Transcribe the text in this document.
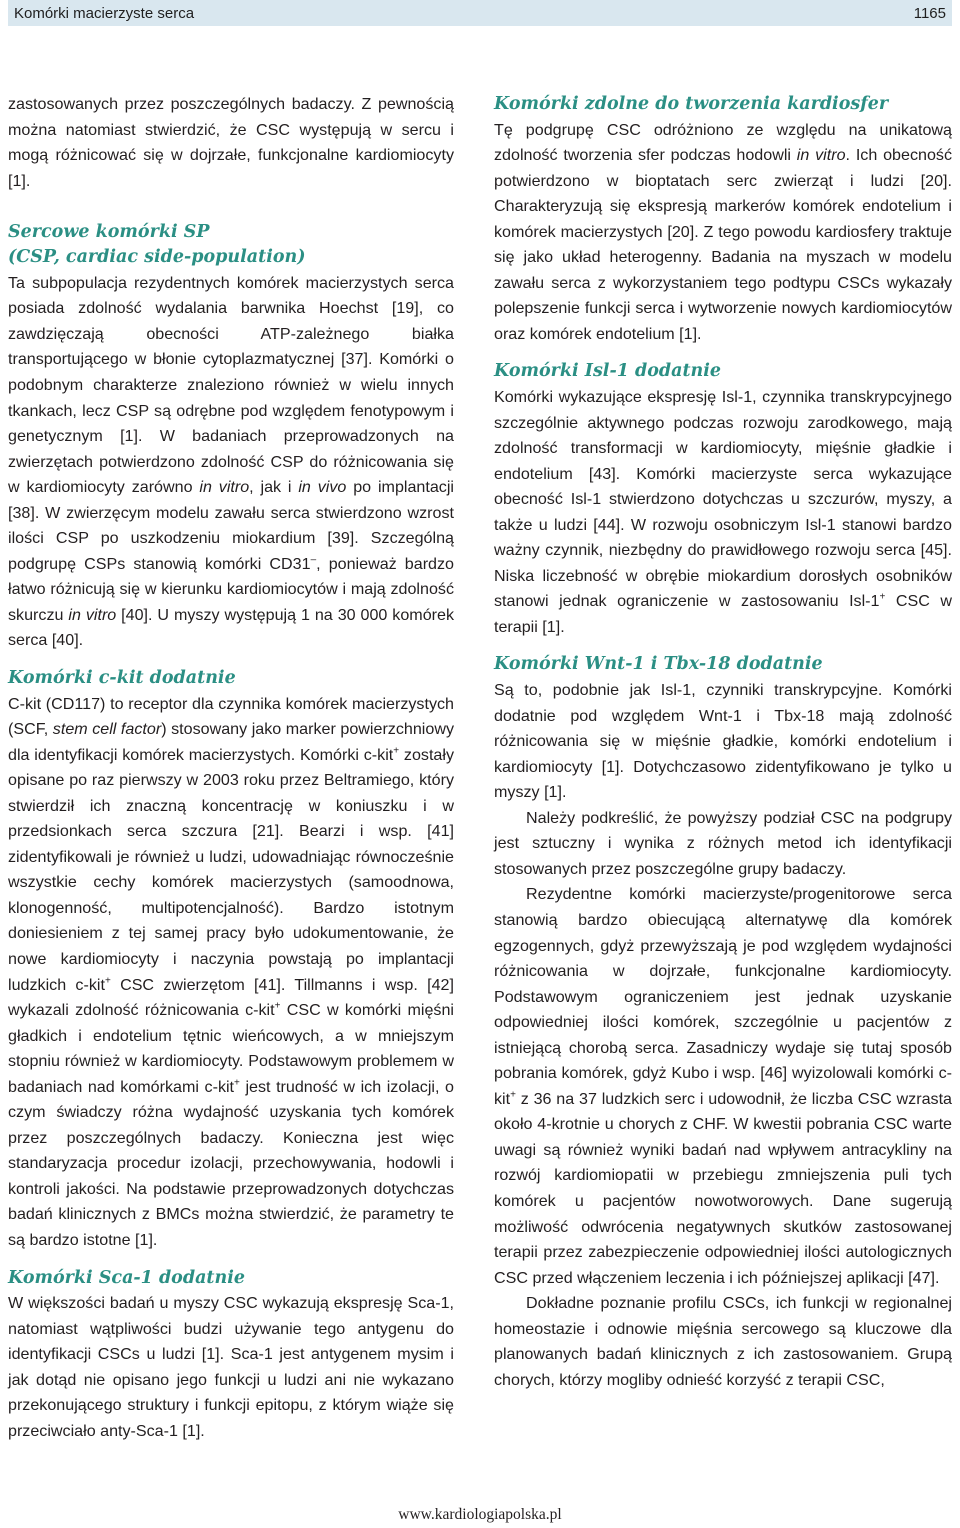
Komórki macierzyste serca	1165

zastosowanych przez poszczególnych badaczy. Z pewnością można natomiast stwierdzić, że CSC występują w sercu i mogą różnicować się w dojrzałe, funkcjonalne kardiomiocyty [1].

Sercowe komórki SP
(CSP, cardiac side-population)

Ta subpopulacja rezydentnych komórek macierzystych serca posiada zdolność wydalania barwnika Hoechst [19], co zawdzięczają obecności ATP-zależnego białka transportującego w błonie cytoplazmatycznej [37]. Komórki o podobnym charakterze znaleziono również w wielu innych tkankach, lecz CSP są odrębne pod względem fenotypowym i genetycznym [1]. W badaniach przeprowadzonych na zwierzętach potwierdzono zdolność CSP do różnicowania się w kardiomiocyty zarówno in vitro, jak i in vivo po implantacji [38]. W zwierzęcym modelu zawału serca stwierdzono wzrost ilości CSP po uszkodzeniu miokardium [39]. Szczególną podgrupę CSPs stanowią komórki CD31–, ponieważ bardzo łatwo różnicują się w kierunku kardiomiocytów i mają zdolność skurczu in vitro [40]. U myszy występują 1 na 30 000 komórek serca [40].

Komórki c-kit dodatnie

C-kit (CD117) to receptor dla czynnika komórek macierzystych (SCF, stem cell factor) stosowany jako marker powierzchniowy dla identyfikacji komórek macierzystych. Komórki c-kit+ zostały opisane po raz pierwszy w 2003 roku przez Beltramiego, który stwierdził ich znaczną koncentrację w koniuszku i w przedsionkach serca szczura [21]. Bearzi i wsp. [41] zidentyfikowali je również u ludzi, udowadniając równocześnie wszystkie cechy komórek macierzystych (samoodnowa, klonogenność, multipotencjalność). Bardzo istotnym doniesieniem z tej samej pracy było udokumentowanie, że nowe kardiomiocyty i naczynia powstają po implantacji ludzkich c-kit+ CSC zwierzętom [41]. Tillmanns i wsp. [42] wykazali zdolność różnicowania c-kit+ CSC w komórki mięśni gładkich i endotelium tętnic wieńcowych, a w mniejszym stopniu również w kardiomiocyty. Podstawowym problemem w badaniach nad komórkami c-kit+ jest trudność w ich izolacji, o czym świadczy różna wydajność uzyskania tych komórek przez poszczególnych badaczy. Konieczna jest więc standaryzacja procedur izolacji, przechowywania, hodowli i kontroli jakości. Na podstawie przeprowadzonych dotychczas badań klinicznych z BMCs można stwierdzić, że parametry te są bardzo istotne [1].

Komórki Sca-1 dodatnie

W większości badań u myszy CSC wykazują ekspresję Sca-1, natomiast wątpliwości budzi używanie tego antygenu do identyfikacji CSCs u ludzi [1]. Sca-1 jest antygenem mysim i jak dotąd nie opisano jego funkcji u ludzi ani nie wykazano przekonującego struktury i funkcji epitopu, z którym wiąże się przeciwciało anty-Sca-1 [1].

Komórki zdolne do tworzenia kardiosfer

Tę podgrupę CSC odróżniono ze względu na unikatową zdolność tworzenia sfer podczas hodowli in vitro. Ich obecność potwierdzono w bioptatach serc zwierząt i ludzi [20]. Charakteryzują się ekspresją markerów komórek endotelium i komórek macierzystych [20]. Z tego powodu kardiosfery traktuje się jako układ heterogenny. Badania na myszach w modelu zawału serca z wykorzystaniem tego podtypu CSCs wykazały polepszenie funkcji serca i wytworzenie nowych kardiomiocytów oraz komórek endotelium [1].

Komórki Isl-1 dodatnie

Komórki wykazujące ekspresję Isl-1, czynnika transkrypcyjnego szczególnie aktywnego podczas rozwoju zarodkowego, mają zdolność transformacji w kardiomiocyty, mięśnie gładkie i endotelium [43]. Komórki macierzyste serca wykazujące obecność Isl-1 stwierdzono dotychczas u szczurów, myszy, a także u ludzi [44]. W rozwoju osobniczym Isl-1 stanowi bardzo ważny czynnik, niezbędny do prawidłowego rozwoju serca [45]. Niska liczebność w obrębie miokardium dorosłych osobników stanowi jednak ograniczenie w zastosowaniu Isl-1+ CSC w terapii [1].

Komórki Wnt-1 i Tbx-18 dodatnie

Są to, podobnie jak Isl-1, czynniki transkrypcyjne. Komórki dodatnie pod względem Wnt-1 i Tbx-18 mają zdolność różnicowania się w mięśnie gładkie, komórki endotelium i kardiomiocyty [1]. Dotychczasowo zidentyfikowano je tylko u myszy [1].

Należy podkreślić, że powyższy podział CSC na podgrupy jest sztuczny i wynika z różnych metod ich identyfikacji stosowanych przez poszczególne grupy badaczy.

Rezydentne komórki macierzyste/progenitorowe serca stanowią bardzo obiecującą alternatywę dla komórek egzogennych, gdyż przewyższają je pod względem wydajności różnicowania w dojrzałe, funkcjonalne kardiomiocyty. Podstawowym ograniczeniem jest jednak uzyskanie odpowiedniej ilości komórek, szczególnie u pacjentów z istniejącą chorobą serca. Zasadniczy wydaje się tutaj sposób pobrania komórek, gdyż Kubo i wsp. [46] wyizolowali komórki c-kit+ z 36 na 37 ludzkich serc i udowodnił, że liczba CSC wzrasta około 4-krotnie u chorych z CHF. W kwestii pobrania CSC warte uwagi są również wyniki badań nad wpływem antracykliny na rozwój kardiomiopatii w przebiegu zmniejszenia puli tych komórek u pacjentów nowotworowych. Dane sugerują możliwość odwrócenia negatywnych skutków zastosowanej terapii przez zabezpieczenie odpowiedniej ilości autologicznych CSC przed włączeniem leczenia i ich późniejszej aplikacji [47].

Dokładne poznanie profilu CSCs, ich funkcji w regionalnej homeostazie i odnowie mięśnia sercowego są kluczowe dla planowanych badań klinicznych z ich zastosowaniem. Grupą chorych, którzy mogliby odnieść korzyść z terapii CSC,

www.kardiologiapolska.pl
